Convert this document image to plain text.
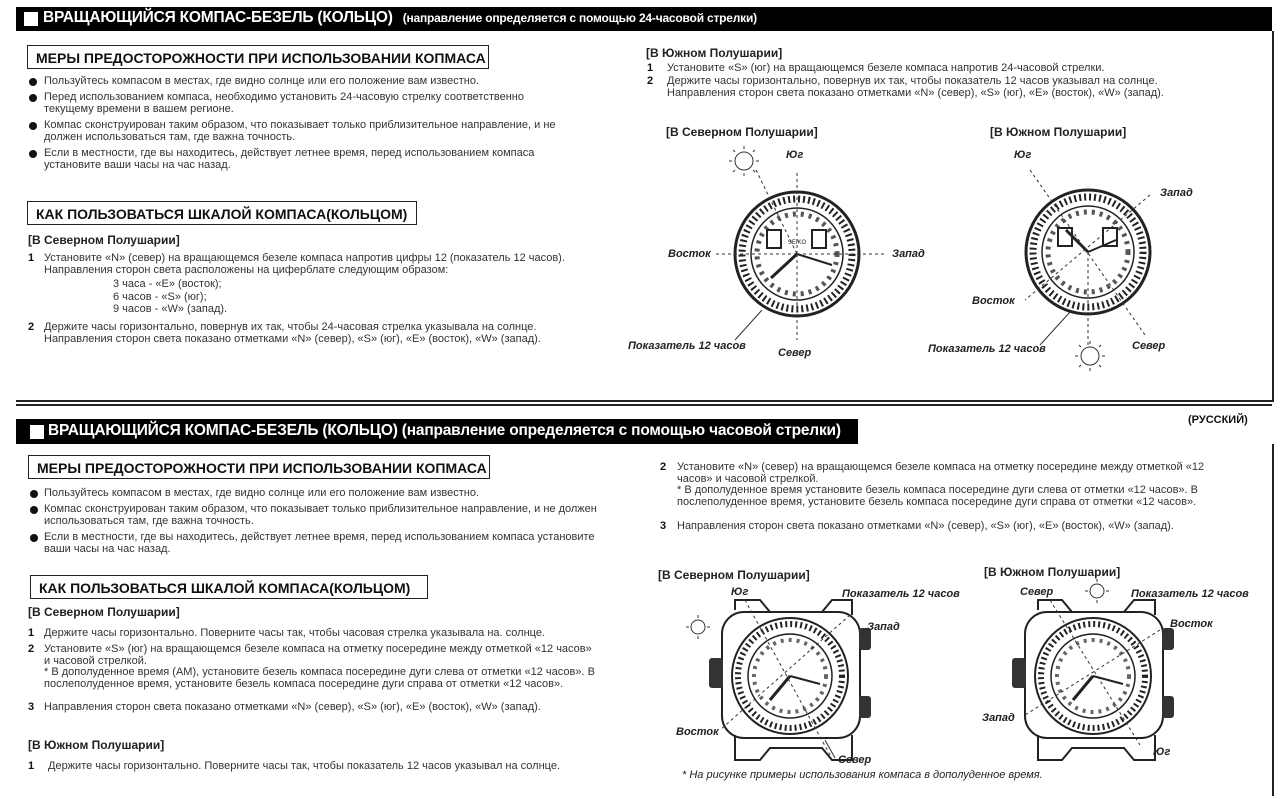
ВРАЩАЮЩИЙСЯ КОМПАС-БЕЗЕЛЬ (КОЛЬЦО) (направление определяется с помощью 24-часовой стрелки)
МЕРЫ ПРЕДОСТОРОЖНОСТИ ПРИ ИСПОЛЬЗОВАНИИ КОПМАСА
Пользуйтесь компасом в местах, где видно солнце или его положение вам известно.
Перед использованием компаса, необходимо установить 24-часовую стрелку соответственно
текущему времени в вашем регионе.
Компас сконструирован таким образом, что показывает только приблизительное направление, и не
должен использоваться там, где важна точность.
Если в местности, где вы находитесь, действует летнее время, перед использованием компаса
установите ваши часы на час назад.
КАК ПОЛЬЗОВАТЬСЯ ШКАЛОЙ КОМПАСА(КОЛЬЦОМ)
[В Северном Полушарии]
1 Установите «N» (север) на вращающемся безеле компаса напротив цифры 12 (показатель 12 часов).
Направления сторон света расположены на циферблате следующим образом:
2 Держите часы горизонтально, повернув их так, чтобы 24-часовая стрелка указывала на солнце.
Направления сторон света показано отметками «N» (север), «S» (юг), «E» (восток), «W» (запад).
3 часа - «E» (восток);
6 часов - «S» (юг);
9 часов - «W» (запад).
[В Южном Полушарии]
1 Установите «S» (юг) на вращающемся безеле компаса напротив 24-часовой стрелки.
2 Держите часы горизонтально, повернув их так, чтобы показатель 12 часов указывал на солнце.
Направления сторон света показано отметками «N» (север), «S» (юг), «E» (восток), «W» (запад).
[В Северном Полушарии]	[В Южном Полушарии]
SEIKO
Юг
Восток	Запад
Север
Показатель 12 часов
Юг
Запад
Восток
Север
Показатель 12 часов
(РУССКИЙ)
ВРАЩАЮЩИЙСЯ КОМПАС-БЕЗЕЛЬ (КОЛЬЦО) (направление определяется с помощью часовой стрелки)
МЕРЫ ПРЕДОСТОРОЖНОСТИ ПРИ ИСПОЛЬЗОВАНИИ КОПМАСА
Пользуйтесь компасом в местах, где видно солнце или его положение вам известно.
Компас сконструирован таким образом, что показывает только приблизительное направление, и не должен
использоваться там, где важна точность.
Если в местности, где вы находитесь, действует летнее время, перед использованием компаса установите
ваши часы на час назад.
КАК ПОЛЬЗОВАТЬСЯ ШКАЛОЙ КОМПАСА(КОЛЬЦОМ)
[В Северном Полушарии]
1 Держите часы горизонтально. Поверните часы так, чтобы часовая стрелка указывала на. солнце.
2 Установите «S» (юг) на вращающемся безеле компаса на отметку посередине между отметкой «12 часов»
и часовой стрелкой.
* В дополуденное время (AM), установите безель компаса посередине дуги слева от отметки «12 часов». В
послеполуденное время, установите безель компаса посередине дуги справа от отметки «12 часов».
3 Направления сторон света показано отметками «N» (север), «S» (юг), «E» (восток), «W» (запад).
[В Южном Полушарии]
1 Держите часы горизонтально. Поверните часы так, чтобы показатель 12 часов указывал на солнце.
2 Установите «N» (север) на вращающемся безеле компаса на отметку посередине между отметкой «12
часов» и часовой стрелкой.
* В дополуденное время установите безель компаса посередине дуги слева от отметки «12 часов». В
послеполуденное время, установите безель компаса посередине дуги справа от отметки «12 часов».
3 Направления сторон света показано отметками «N» (север), «S» (юг), «E» (восток), «W» (запад).
[В Северном Полушарии]	[В Южном Полушарии]
Юг	Показатель 12 часов
Запад
Восток
Север
Север	Показатель 12 часов
Восток
Запад
Юг
* На рисунке примеры использования компаса в дополуденное время.
